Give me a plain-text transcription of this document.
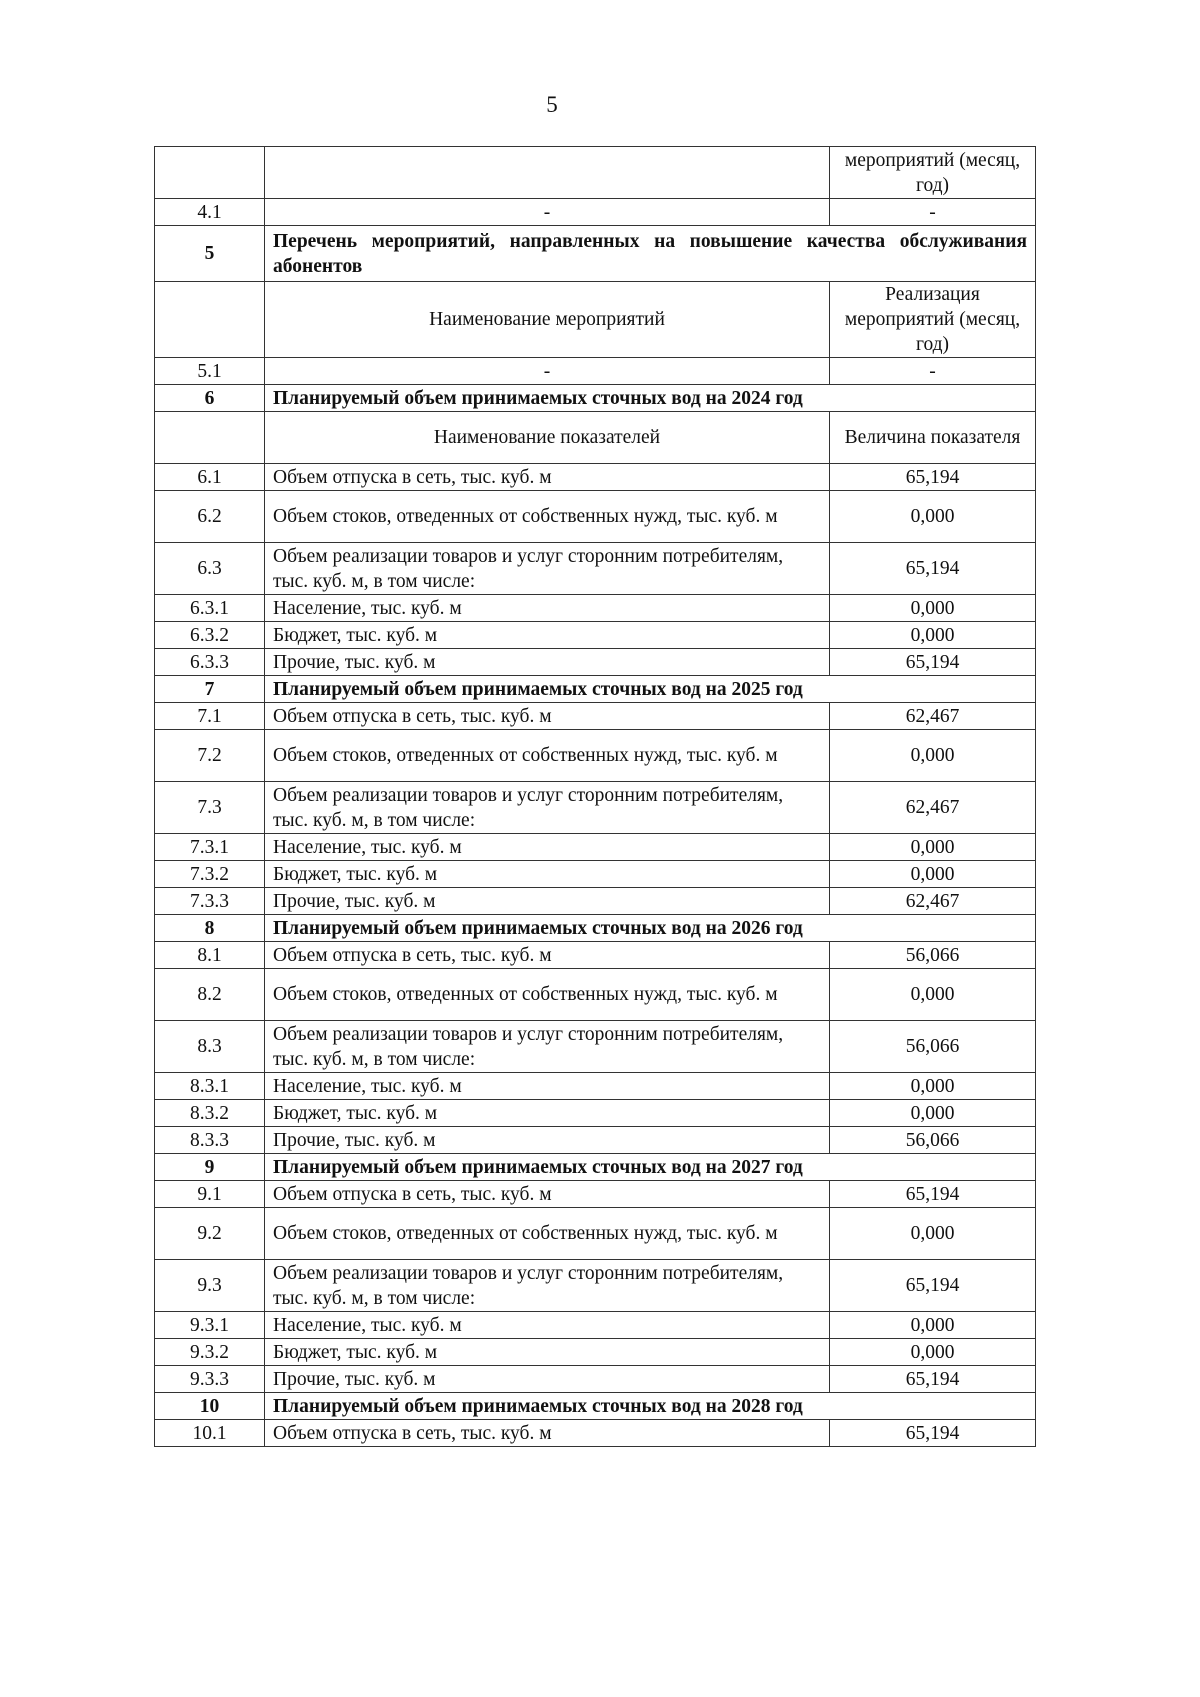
5
		мероприятий (месяц, год)
4.1	-	-
5	Перечень мероприятий, направленных на повышение качества обслуживания абонентов	
	Наименование мероприятий	Реализация мероприятий (месяц, год)
5.1	-	-
6	Планируемый объем принимаемых сточных вод на 2024 год	
	Наименование показателей	Величина показателя
6.1	Объем отпуска в сеть, тыс. куб. м	65,194
6.2	Объем стоков, отведенных от собственных нужд, тыс. куб. м	0,000
6.3	Объем реализации товаров и услуг сторонним потребителям, тыс. куб. м, в том числе:	65,194
6.3.1	Население, тыс. куб. м	0,000
6.3.2	Бюджет, тыс. куб. м	0,000
6.3.3	Прочие, тыс. куб. м	65,194
7	Планируемый объем принимаемых сточных вод на 2025 год	
7.1	Объем отпуска в сеть, тыс. куб. м	62,467
7.2	Объем стоков, отведенных от собственных нужд, тыс. куб. м	0,000
7.3	Объем реализации товаров и услуг сторонним потребителям, тыс. куб. м, в том числе:	62,467
7.3.1	Население, тыс. куб. м	0,000
7.3.2	Бюджет, тыс. куб. м	0,000
7.3.3	Прочие, тыс. куб. м	62,467
8	Планируемый объем принимаемых сточных вод на 2026 год	
8.1	Объем отпуска в сеть, тыс. куб. м	56,066
8.2	Объем стоков, отведенных от собственных нужд, тыс. куб. м	0,000
8.3	Объем реализации товаров и услуг сторонним потребителям, тыс. куб. м, в том числе:	56,066
8.3.1	Население, тыс. куб. м	0,000
8.3.2	Бюджет, тыс. куб. м	0,000
8.3.3	Прочие, тыс. куб. м	56,066
9	Планируемый объем принимаемых сточных вод на 2027 год	
9.1	Объем отпуска в сеть, тыс. куб. м	65,194
9.2	Объем стоков, отведенных от собственных нужд, тыс. куб. м	0,000
9.3	Объем реализации товаров и услуг сторонним потребителям, тыс. куб. м, в том числе:	65,194
9.3.1	Население, тыс. куб. м	0,000
9.3.2	Бюджет, тыс. куб. м	0,000
9.3.3	Прочие, тыс. куб. м	65,194
10	Планируемый объем принимаемых сточных вод на 2028 год	
10.1	Объем отпуска в сеть, тыс. куб. м	65,194
